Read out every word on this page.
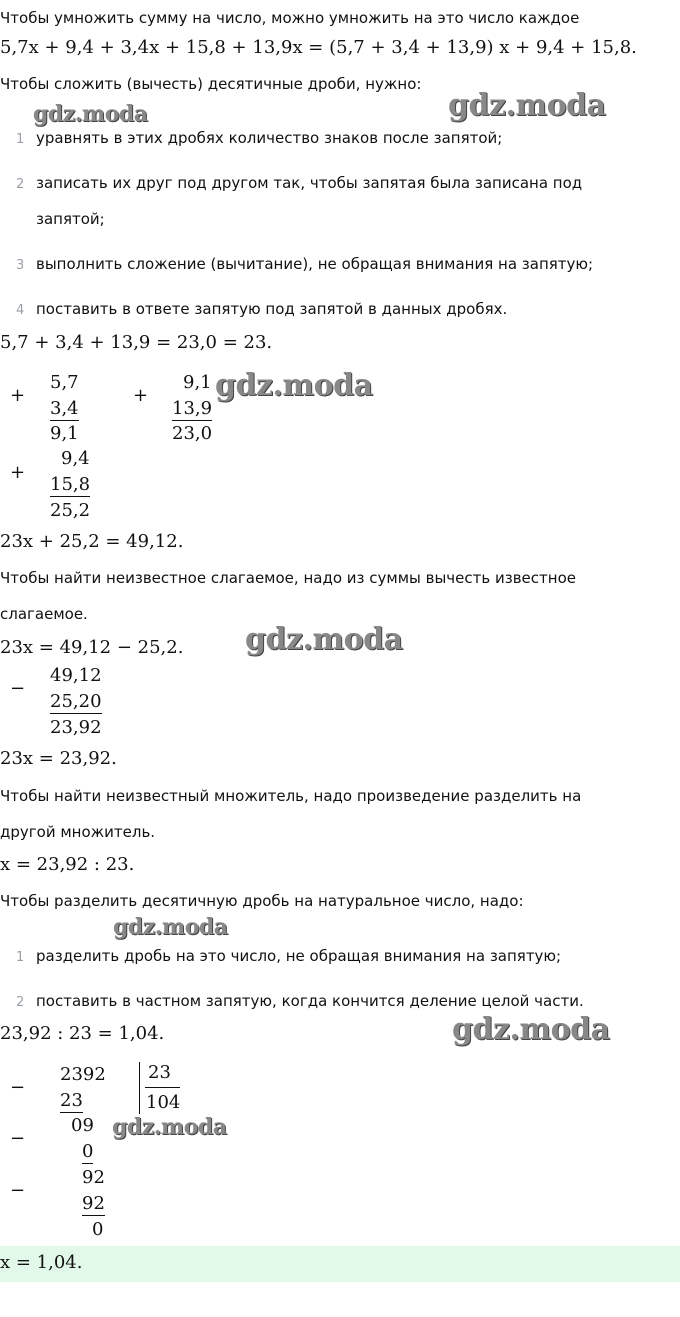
Чтобы умножить сумму на число, можно умножить на это число каждое
5,7x + 9,4 + 3,4x + 15,8 + 13,9x = (5,7 + 3,4 + 13,9) x + 9,4 + 15,8.
Чтобы сложить (вычесть) десятичные дроби, нужно:
gdz.moda	gdz.moda
1 уравнять в этих дробях количество знаков после запятой;
2 записать их друг под другом так, чтобы запятая была записана под
запятой;
3 выполнить сложение (вычитание), не обращая внимания на запятую;
4 поставить в ответе запятую под запятой в данных дробях.
5,7 + 3,4 + 13,9 = 23,0 = 23.
+
5,7
3,4
9,1
+
9,1
13,9
23,0
gdz.moda
+
9,4
15,8
25,2
23x + 25,2 = 49,12.
Чтобы найти неизвестное слагаемое, надо из суммы вычесть известное
слагаемое.
23x = 49,12 − 25,2. gdz.moda
−
49,12
25,20
23,92
23x = 23,92.
Чтобы найти неизвестный множитель, надо произведение разделить на
другой множитель.
x = 23,92 : 23.
Чтобы разделить десятичную дробь на натуральное число, надо:
gdz.moda
1 разделить дробь на это число, не обращая внимания на запятую;
2 поставить в частном запятую, когда кончится деление целой части.
23,92 : 23 = 1,04.	gdz.moda
−
2392 23
104
23
−
09
0
gdz.moda
−
92
92
0
x = 1,04.
